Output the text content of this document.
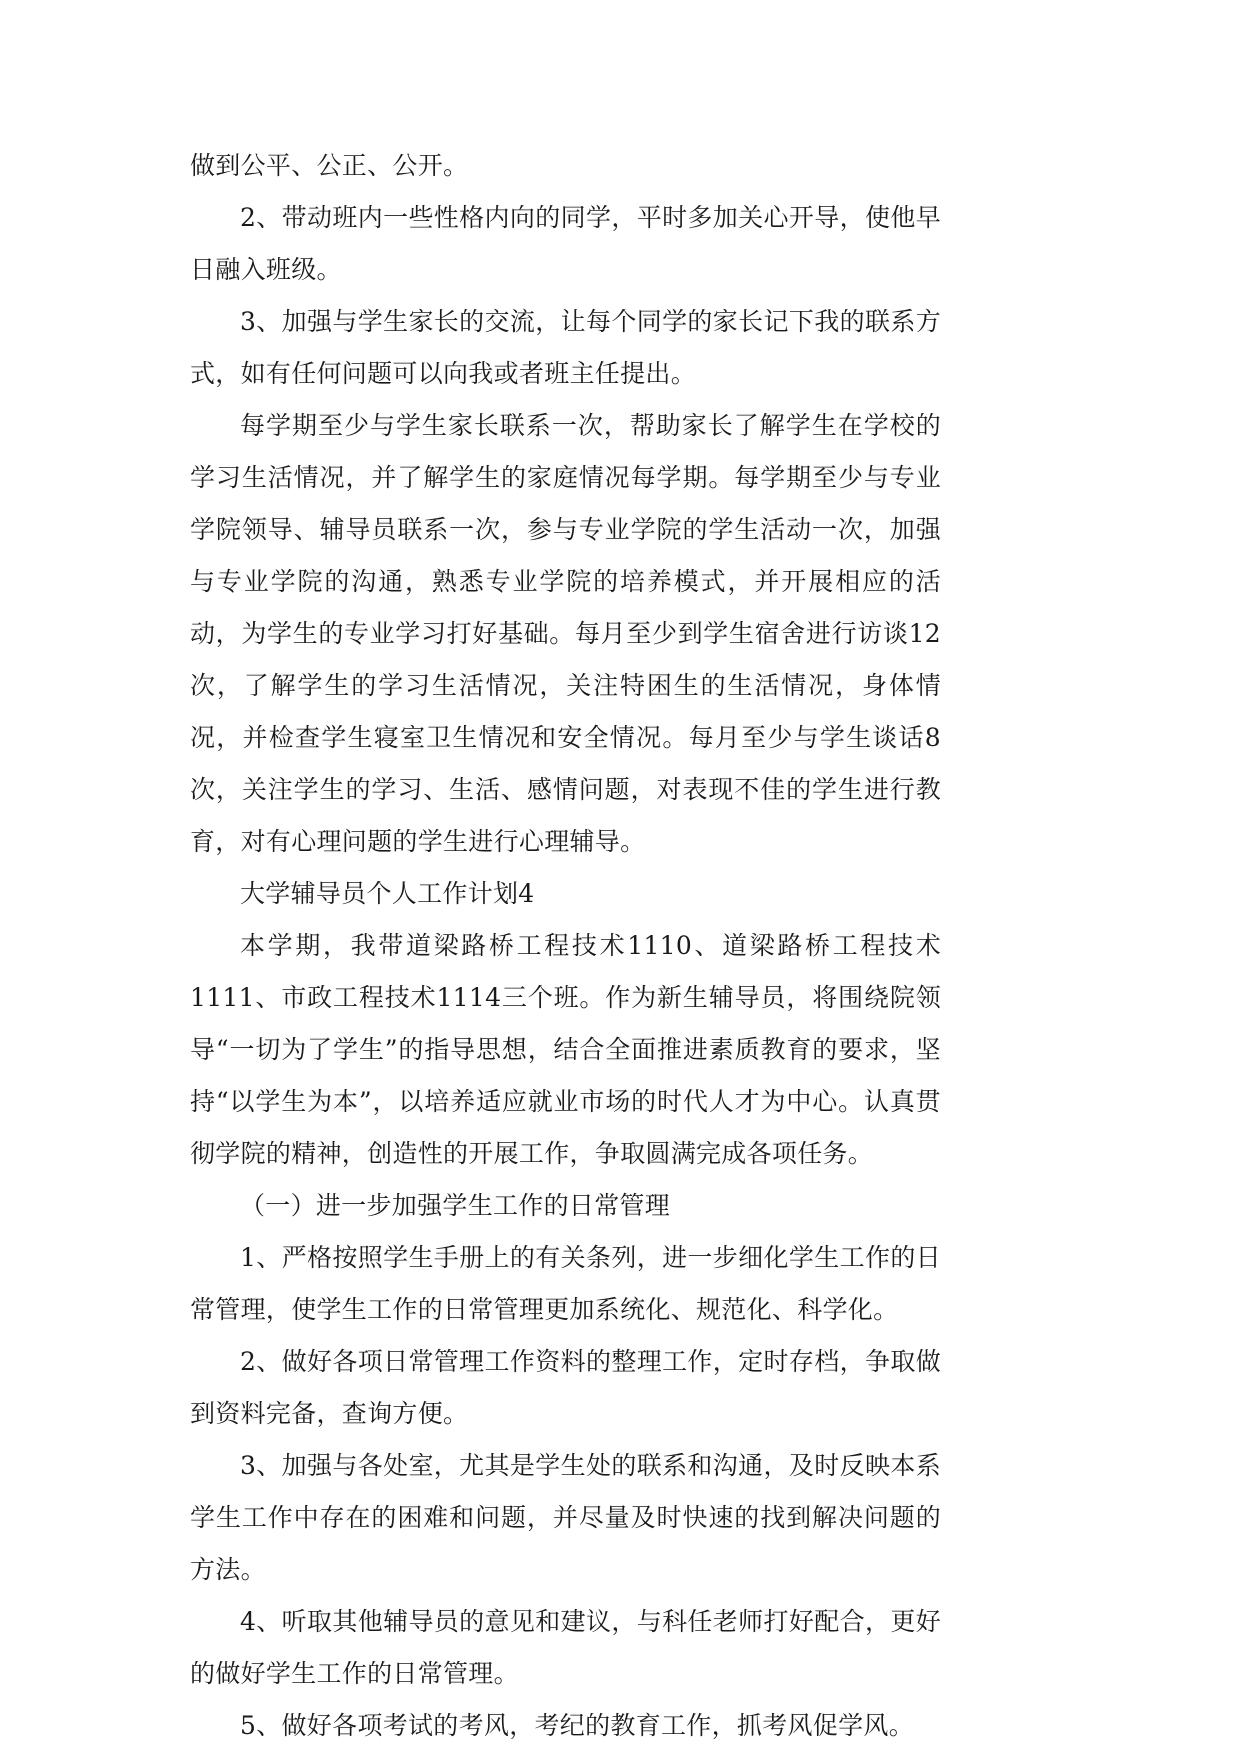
做到公平、公正、公开。

2、带动班内一些性格内向的同学，平时多加关心开导，使他早日融入班级。

3、加强与学生家长的交流，让每个同学的家长记下我的联系方式，如有任何问题可以向我或者班主任提出。

每学期至少与学生家长联系一次，帮助家长了解学生在学校的学习生活情况，并了解学生的家庭情况每学期。每学期至少与专业学院领导、辅导员联系一次，参与专业学院的学生活动一次，加强与专业学院的沟通，熟悉专业学院的培养模式，并开展相应的活动，为学生的专业学习打好基础。每月至少到学生宿舍进行访谈12次，了解学生的学习生活情况，关注特困生的生活情况，身体情况，并检查学生寝室卫生情况和安全情况。每月至少与学生谈话8次，关注学生的学习、生活、感情问题，对表现不佳的学生进行教育，对有心理问题的学生进行心理辅导。

大学辅导员个人工作计划4

本学期，我带道梁路桥工程技术1110、道梁路桥工程技术1111、市政工程技术1114三个班。作为新生辅导员，将围绕院领导“一切为了学生”的指导思想，结合全面推进素质教育的要求，坚持“以学生为本”，以培养适应就业市场的时代人才为中心。认真贯彻学院的精神，创造性的开展工作，争取圆满完成各项任务。

（一）进一步加强学生工作的日常管理

1、严格按照学生手册上的有关条列，进一步细化学生工作的日常管理，使学生工作的日常管理更加系统化、规范化、科学化。

2、做好各项日常管理工作资料的整理工作，定时存档，争取做到资料完备，查询方便。

3、加强与各处室，尤其是学生处的联系和沟通，及时反映本系学生工作中存在的困难和问题，并尽量及时快速的找到解决问题的方法。

4、听取其他辅导员的意见和建议，与科任老师打好配合，更好的做好学生工作的日常管理。

5、做好各项考试的考风，考纪的教育工作，抓考风促学风。
